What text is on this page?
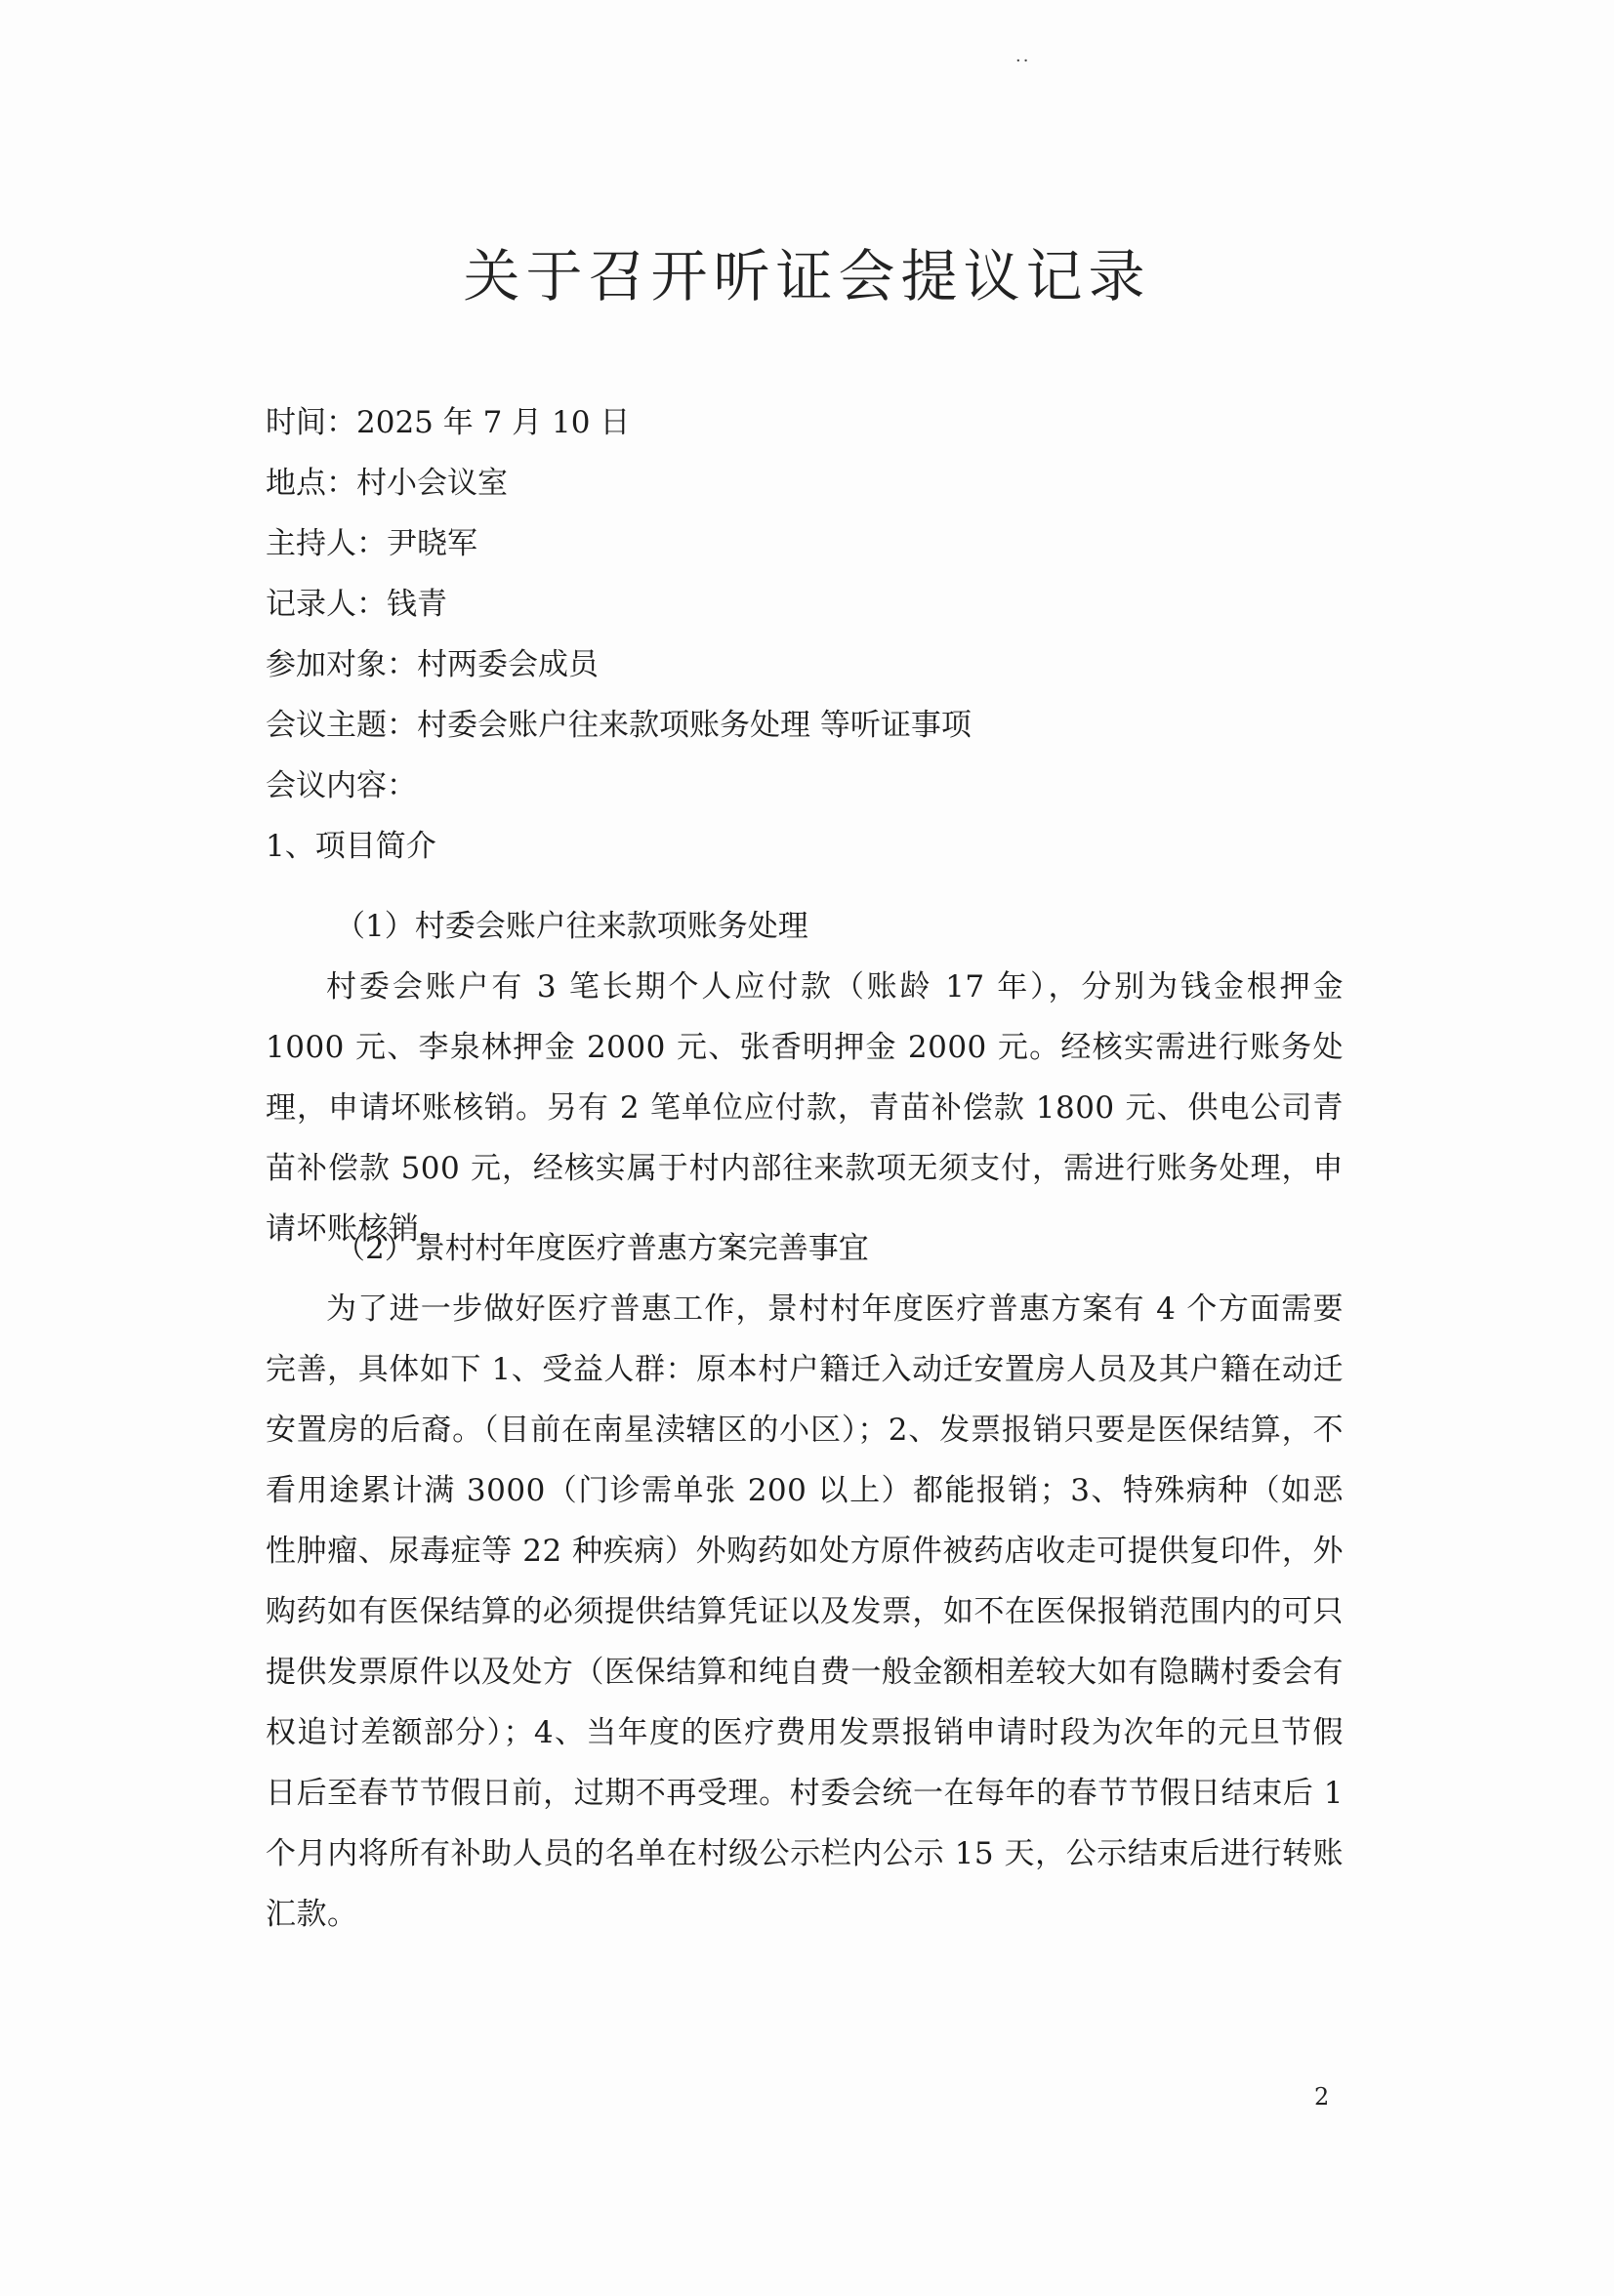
··
关于召开听证会提议记录
时间：2025 年 7 月 10 日
地点：村小会议室
主持人：尹晓军
记录人：钱青
参加对象：村两委会成员
会议主题：村委会账户往来款项账务处理 等听证事项
会议内容：
1、项目简介
（1）村委会账户往来款项账务处理
村委会账户有 3 笔长期个人应付款（账龄 17 年），分别为钱金根押金 1000 元、李泉林押金 2000 元、张香明押金 2000 元。经核实需进行账务处理，申请坏账核销。另有 2 笔单位应付款，青苗补偿款 1800 元、供电公司青苗补偿款 500 元，经核实属于村内部往来款项无须支付，需进行账务处理，申请坏账核销。
（2）景村村年度医疗普惠方案完善事宜
为了进一步做好医疗普惠工作，景村村年度医疗普惠方案有 4 个方面需要完善，具体如下 1、受益人群：原本村户籍迁入动迁安置房人员及其户籍在动迁安置房的后裔。（目前在南星渎辖区的小区）；2、发票报销只要是医保结算，不看用途累计满 3000（门诊需单张 200 以上）都能报销；3、特殊病种（如恶性肿瘤、尿毒症等 22 种疾病）外购药如处方原件被药店收走可提供复印件，外购药如有医保结算的必须提供结算凭证以及发票，如不在医保报销范围内的可只提供发票原件以及处方（医保结算和纯自费一般金额相差较大如有隐瞒村委会有权追讨差额部分）；4、当年度的医疗费用发票报销申请时段为次年的元旦节假日后至春节节假日前，过期不再受理。村委会统一在每年的春节节假日结束后 1 个月内将所有补助人员的名单在村级公示栏内公示 15 天，公示结束后进行转账汇款。
2
